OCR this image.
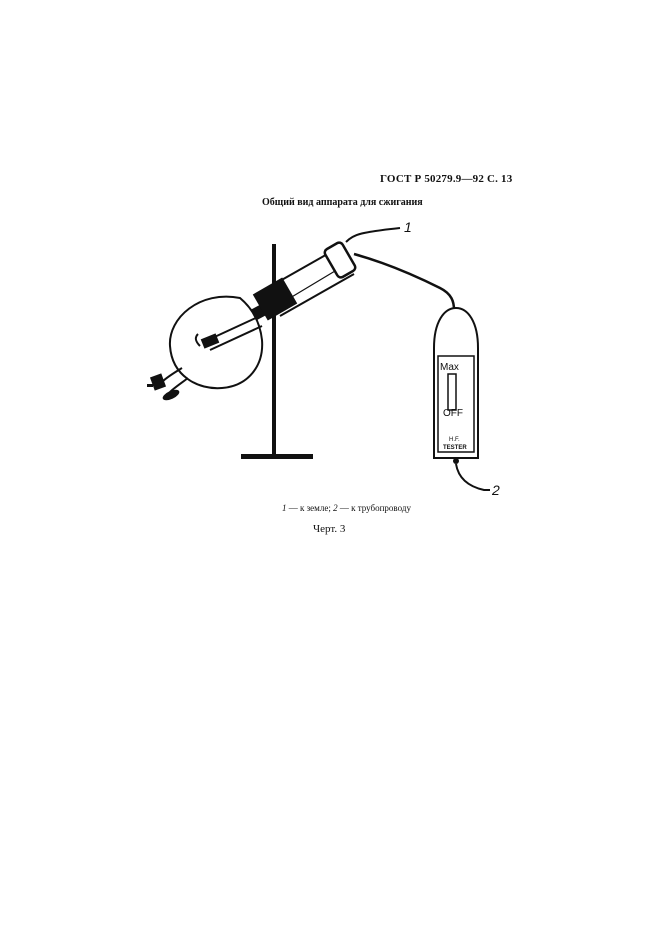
ГОСТ Р 50279.9—92 С. 13
Общий вид аппарата для сжигания
1
Max
OFF
H.F.
TESTER
2
1 — к земле; 2 — к трубопроводу
Черт. 3
